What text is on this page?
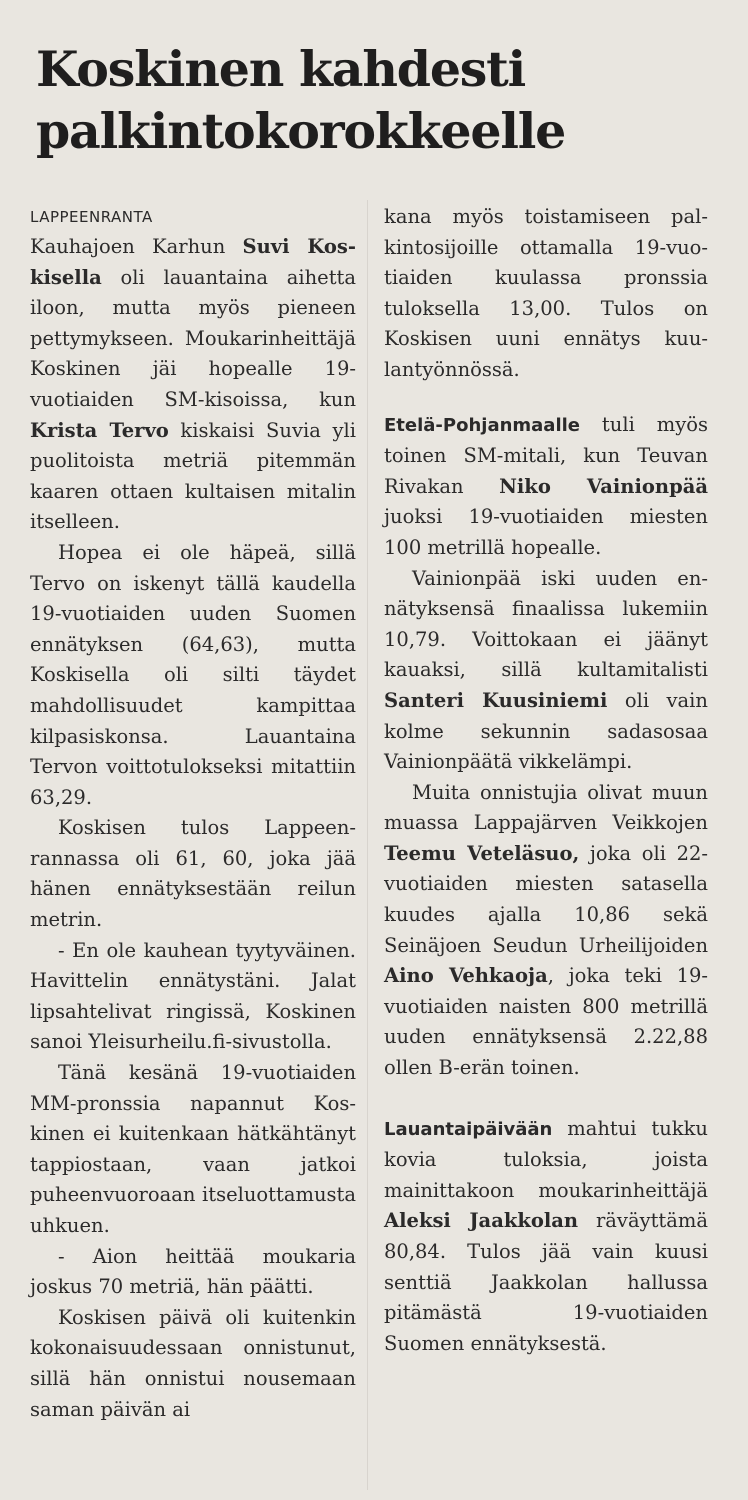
Koskinen kahdesti palkintokorokkeelle
LAPPEENRANTA

Kauhajoen Karhun Suvi Koskisella oli lauantaina aihetta iloon, mutta myös pieneen pettymykseen. Moukarinheittäjä Koskinen jäi hopealle 19-vuotiaiden SM-kisoissa, kun Krista Tervo kiskaisi Suvia yli puolitoista metriä pitemmän kaaren ottaen kultaisen mitalin itselleen.

Hopea ei ole häpeä, sillä Tervo on iskenyt tällä kaudella 19-vuotiaiden uuden Suomen ennätyksen (64,63), mutta Koskisella oli silti täydet mahdollisuudet kampittaa kilpasiskonsa. Lauantaina Tervon voittotulokseksi mitattiin 63,29.

Koskisen tulos Lappeenrannassa oli 61, 60, joka jää hänen ennätyksestään reilun metrin.

- En ole kauhean tyytyväinen. Havittelin ennätystäni. Jalat lipsahtelivat ringissä, Koskinen sanoi Yleisurheilu.fi-sivustolla.

Tänä kesänä 19-vuotiaiden MM-pronssia napannut Koskinen ei kuitenkaan hätkähtänyt tappiostaan, vaan jatkoi puheenvuoroaan itseluottamusta uhkuen.

- Aion heittää moukaria joskus 70 metriä, hän päätti.

Koskisen päivä oli kuitenkin kokonaisuudessaan onnistunut, sillä hän onnistui nousemaan saman päivän ai

kana myös toistamiseen palkintosijoille ottamalla 19-vuotiaiden kuulassa pronssia tuloksella 13,00. Tulos on Koskisen uuni ennätys kuulantyönnössä.

Etelä-Pohjanmaalle tuli myös toinen SM-mitali, kun Teuvan Rivakan Niko Vainionpää juoksi 19-vuotiaiden miesten 100 metrillä hopealle.

Vainionpää iski uuden ennätyksensä finaalissa lukemiin 10,79. Voittokaan ei jäänyt kauaksi, sillä kultamitalisti Santeri Kuusiniemi oli vain kolme sekunnin sadasosaa Vainionpäätä vikkelämpi.

Muita onnistujia olivat muun muassa Lappajärven Veikkojen Teemu Veteläsuo, joka oli 22-vuotiaiden miesten satasella kuudes ajalla 10,86 sekä Seinäjoen Seudun Urheilijoiden Aino Vehkaoja, joka teki 19-vuotiaiden naisten 800 metrillä uuden ennätyksensä 2.22,88 ollen B-erän toinen.

Lauantaipäivään mahtui tukku kovia tuloksia, joista mainittakoon moukarinheittäjä Aleksi Jaakkolan räväyttämä 80,84. Tulos jää vain kuusi senttiä Jaakkolan hallussa pitämästä 19-vuotiaiden Suomen ennätyksestä.
